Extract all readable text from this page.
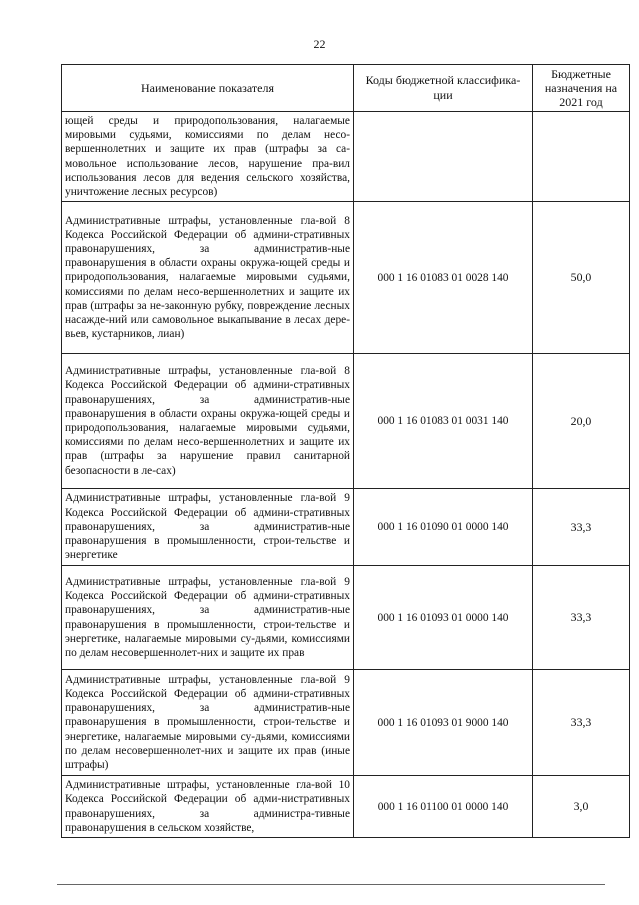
22
Наименование показателя	Коды бюджетной классифика-ции	Бюджетные назначения на 2021 год
ющей среды и природопользования, налагаемые мировыми судьями, комиссиями по делам несо-вершеннолетних и защите их прав (штрафы за са-мовольное использование лесов, нарушение пра-вил использования лесов для ведения сельского хозяйства, уничтожение лесных ресурсов)		
Административные штрафы, установленные гла-вой 8 Кодекса Российской Федерации об админи-стративных правонарушениях, за административ-ные правонарушения в области охраны окружа-ющей среды и природопользования, налагаемые мировыми судьями, комиссиями по делам несо-вершеннолетних и защите их прав (штрафы за не-законную рубку, повреждение лесных насажде-ний или самовольное выкапывание в лесах дере-вьев, кустарников, лиан)	000 1 16 01083 01 0028 140	50,0
Административные штрафы, установленные гла-вой 8 Кодекса Российской Федерации об админи-стративных правонарушениях, за административ-ные правонарушения в области охраны окружа-ющей среды и природопользования, налагаемые мировыми судьями, комиссиями по делам несо-вершеннолетних и защите их прав (штрафы за нарушение правил санитарной безопасности в ле-сах)	000 1 16 01083 01 0031 140	20,0
Административные штрафы, установленные гла-вой 9 Кодекса Российской Федерации об админи-стративных правонарушениях, за административ-ные правонарушения в промышленности, строи-тельстве и энергетике	000 1 16 01090 01 0000 140	33,3
Административные штрафы, установленные гла-вой 9 Кодекса Российской Федерации об админи-стративных правонарушениях, за административ-ные правонарушения в промышленности, строи-тельстве и энергетике, налагаемые мировыми су-дьями, комиссиями по делам несовершеннолет-них и защите их прав	000 1 16 01093 01 0000 140	33,3
Административные штрафы, установленные гла-вой 9 Кодекса Российской Федерации об админи-стративных правонарушениях, за административ-ные правонарушения в промышленности, строи-тельстве и энергетике, налагаемые мировыми су-дьями, комиссиями по делам несовершеннолет-них и защите их прав (иные штрафы)	000 1 16 01093 01 9000 140	33,3
Административные штрафы, установленные гла-вой 10 Кодекса Российской Федерации об адми-нистративных правонарушениях, за администра-тивные правонарушения в сельском хозяйстве,	000 1 16 01100 01 0000 140	3,0
